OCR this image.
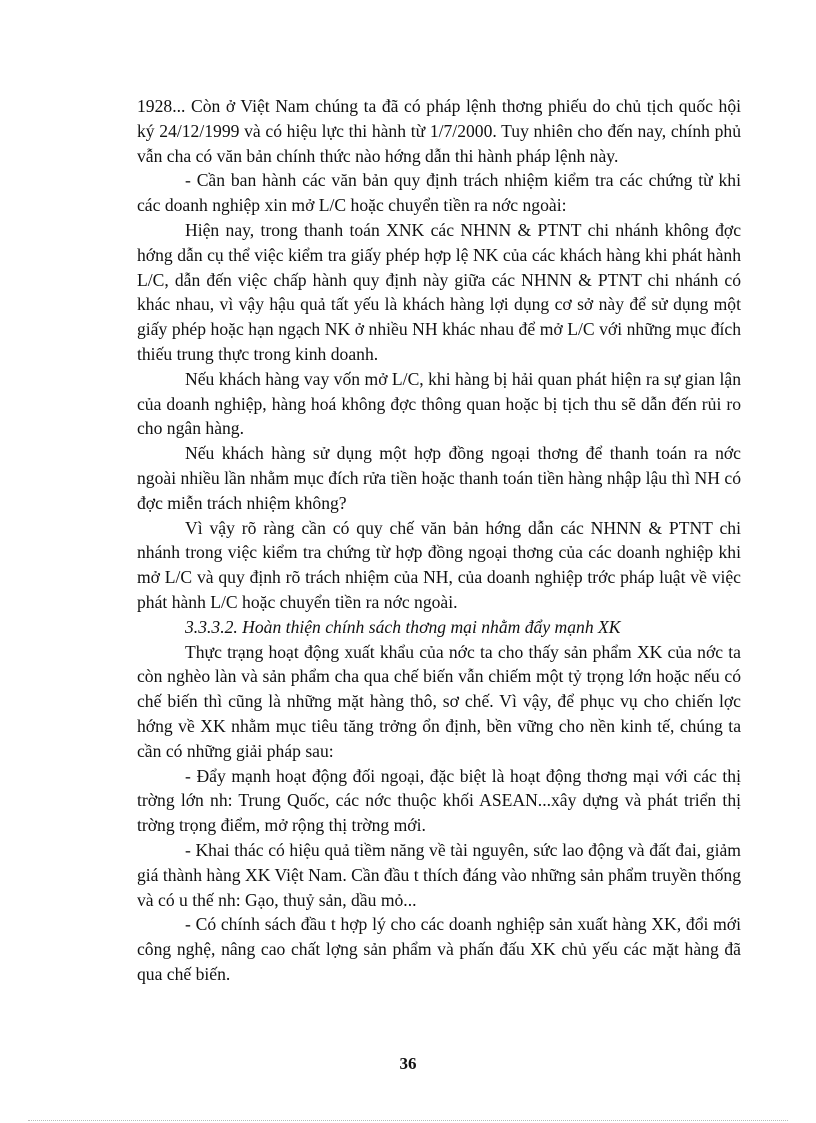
1928... Còn ở Việt Nam chúng ta đã có pháp lệnh thơng phiếu do chủ tịch quốc hội ký 24/12/1999 và có hiệu lực thi hành từ 1/7/2000. Tuy nhiên cho đến nay, chính phủ vẫn cha có văn bản chính thức nào hớng dẫn thi hành pháp lệnh này.

- Cần ban hành các văn bản quy định trách nhiệm kiểm tra các chứng từ khi các doanh nghiệp xin mở L/C hoặc chuyển tiền ra nớc ngoài:

Hiện nay, trong thanh toán XNK các NHNN & PTNT chi nhánh không đợc hớng dẫn cụ thể việc kiểm tra giấy phép hợp lệ NK của các khách hàng khi phát hành L/C, dẫn đến việc chấp hành quy định này giữa các NHNN & PTNT chi nhánh có khác nhau, vì vậy hậu quả tất yếu là khách hàng lợi dụng cơ sở này để sử dụng một giấy phép hoặc hạn ngạch NK ở nhiều NH khác nhau để mở L/C với những mục đích thiếu trung thực trong kinh doanh.

Nếu khách hàng vay vốn mở L/C, khi hàng bị hải quan phát hiện ra sự gian lận của doanh nghiệp, hàng hoá không đợc thông quan hoặc bị tịch thu sẽ dẫn đến rủi ro cho ngân hàng.

Nếu khách hàng sử dụng một hợp đồng ngoại thơng để thanh toán ra nớc ngoài nhiều lần nhằm mục đích rửa tiền hoặc thanh toán tiền hàng nhập lậu thì NH có đợc miễn trách nhiệm không?

Vì vậy rõ ràng cần có quy chế văn bản hớng dẫn các NHNN & PTNT chi nhánh trong việc kiểm tra chứng từ hợp đồng ngoại thơng của các doanh nghiệp khi mở L/C và quy định rõ trách nhiệm của NH, của doanh nghiệp trớc pháp luật về việc phát hành L/C hoặc chuyển tiền ra nớc ngoài.

3.3.3.2. Hoàn thiện chính sách thơng mại nhằm đẩy mạnh XK

Thực trạng hoạt động xuất khẩu của nớc ta cho thấy sản phẩm XK của nớc ta còn nghèo làn và sản phẩm cha qua chế biến vẫn chiếm một tỷ trọng lớn hoặc nếu có chế biến thì cũng là những mặt hàng thô, sơ chế. Vì vậy, để phục vụ cho chiến lợc hớng về XK nhằm mục tiêu tăng trởng ổn định, bền vững cho nền kinh tế, chúng ta cần có những giải pháp sau:

- Đẩy mạnh hoạt động đối ngoại, đặc biệt là hoạt động thơng mại với các thị trờng lớn nh: Trung Quốc, các nớc thuộc khối ASEAN...xây dựng và phát triển thị trờng trọng điểm, mở rộng thị trờng mới.

- Khai thác có hiệu quả tiềm năng về tài nguyên, sức lao động và đất đai, giảm giá thành hàng XK Việt Nam. Cần đầu t thích đáng vào những sản phẩm truyền thống và có u thế nh: Gạo, thuỷ sản, dầu mỏ...

- Có chính sách đầu t hợp lý cho các doanh nghiệp sản xuất hàng XK, đổi mới công nghệ, nâng cao chất lợng sản phẩm và phấn đấu XK chủ yếu các mặt hàng đã qua chế biến.

36
